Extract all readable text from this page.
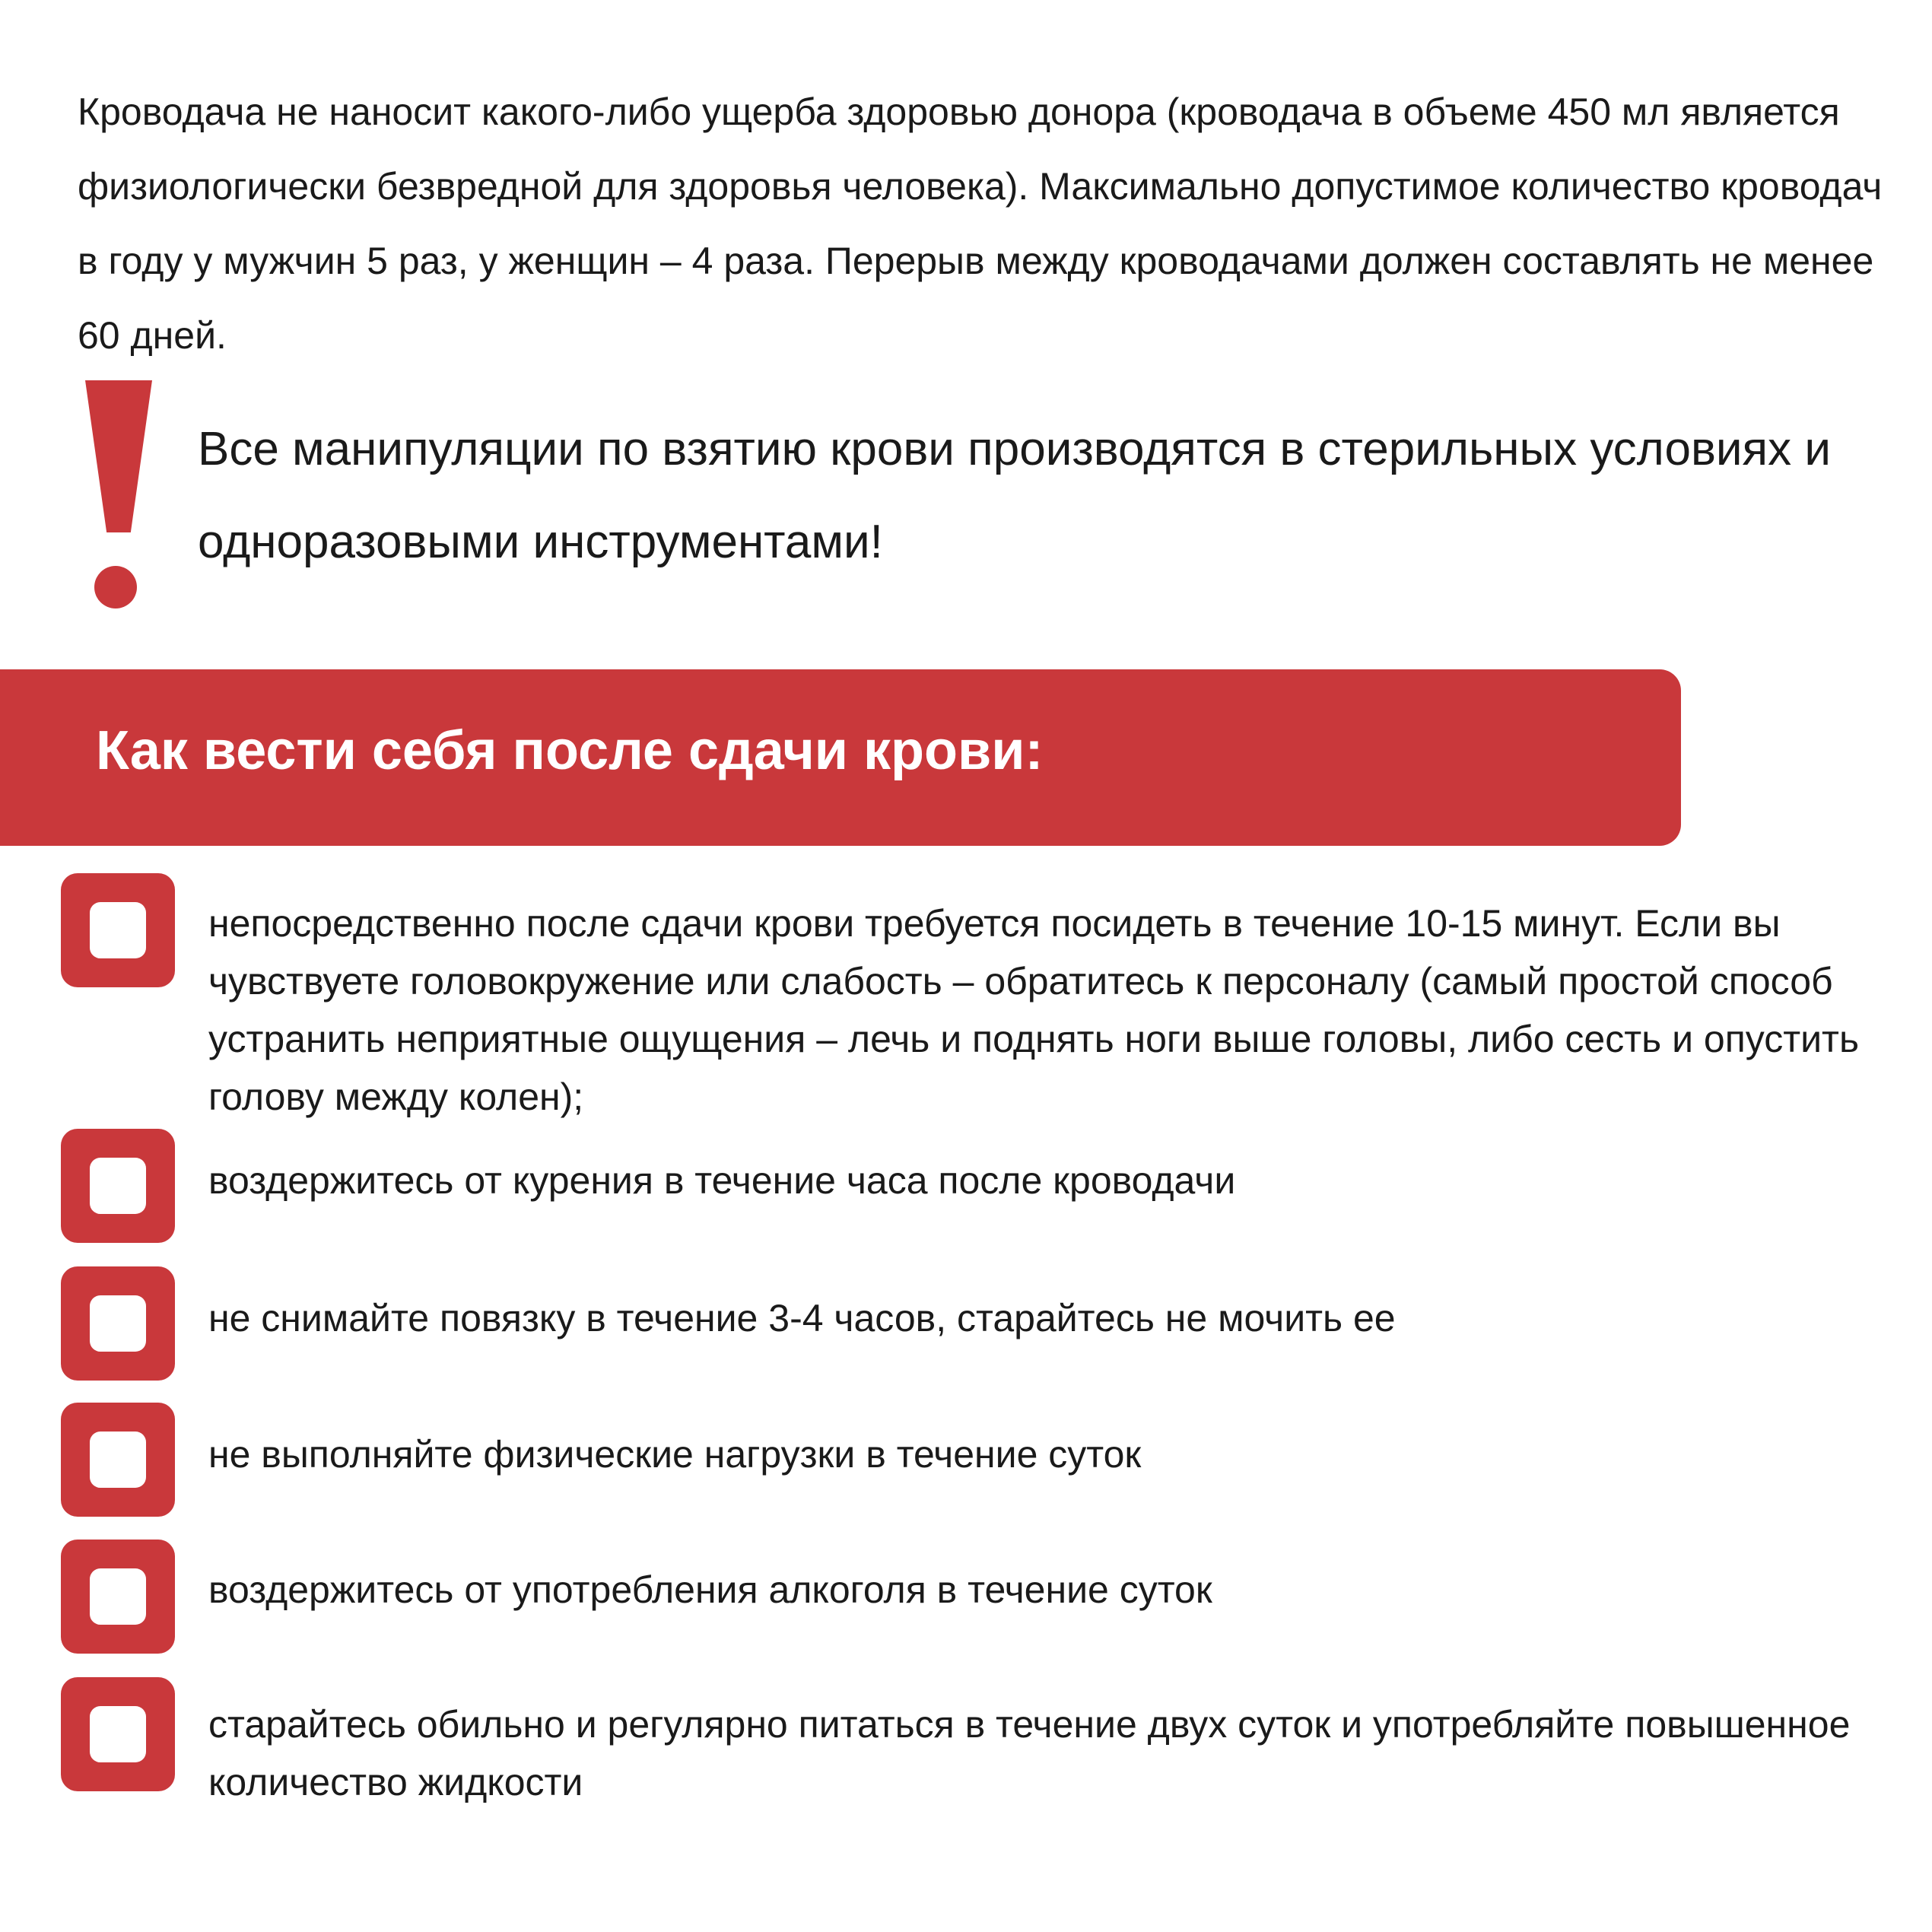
Кроводача не наносит какого-либо ущерба здоровью донора (кроводача в объеме 450 мл является физиологически безвредной для здоровья человека). Максимально допустимое количество кроводач в году у мужчин 5 раз, у женщин – 4 раза. Перерыв между кроводачами должен составлять не менее 60 дней.

Все манипуляции по взятию крови производятся в стерильных условиях и одноразовыми инструментами!

Как вести себя после сдачи крови:

непосредственно после сдачи крови требуется посидеть в течение 10-15 минут. Если вы чувствуете головокружение или слабость – обратитесь к персоналу (самый простой способ устранить неприятные ощущения – лечь и поднять ноги выше головы, либо сесть и опустить голову между колен);

воздержитесь от курения в течение часа после кроводачи

не снимайте повязку в течение 3-4 часов, старайтесь не мочить ее

не выполняйте физические нагрузки в течение суток

воздержитесь от употребления алкоголя в течение суток

старайтесь обильно и регулярно питаться в течение двух суток и употребляйте повышенное количество жидкости
